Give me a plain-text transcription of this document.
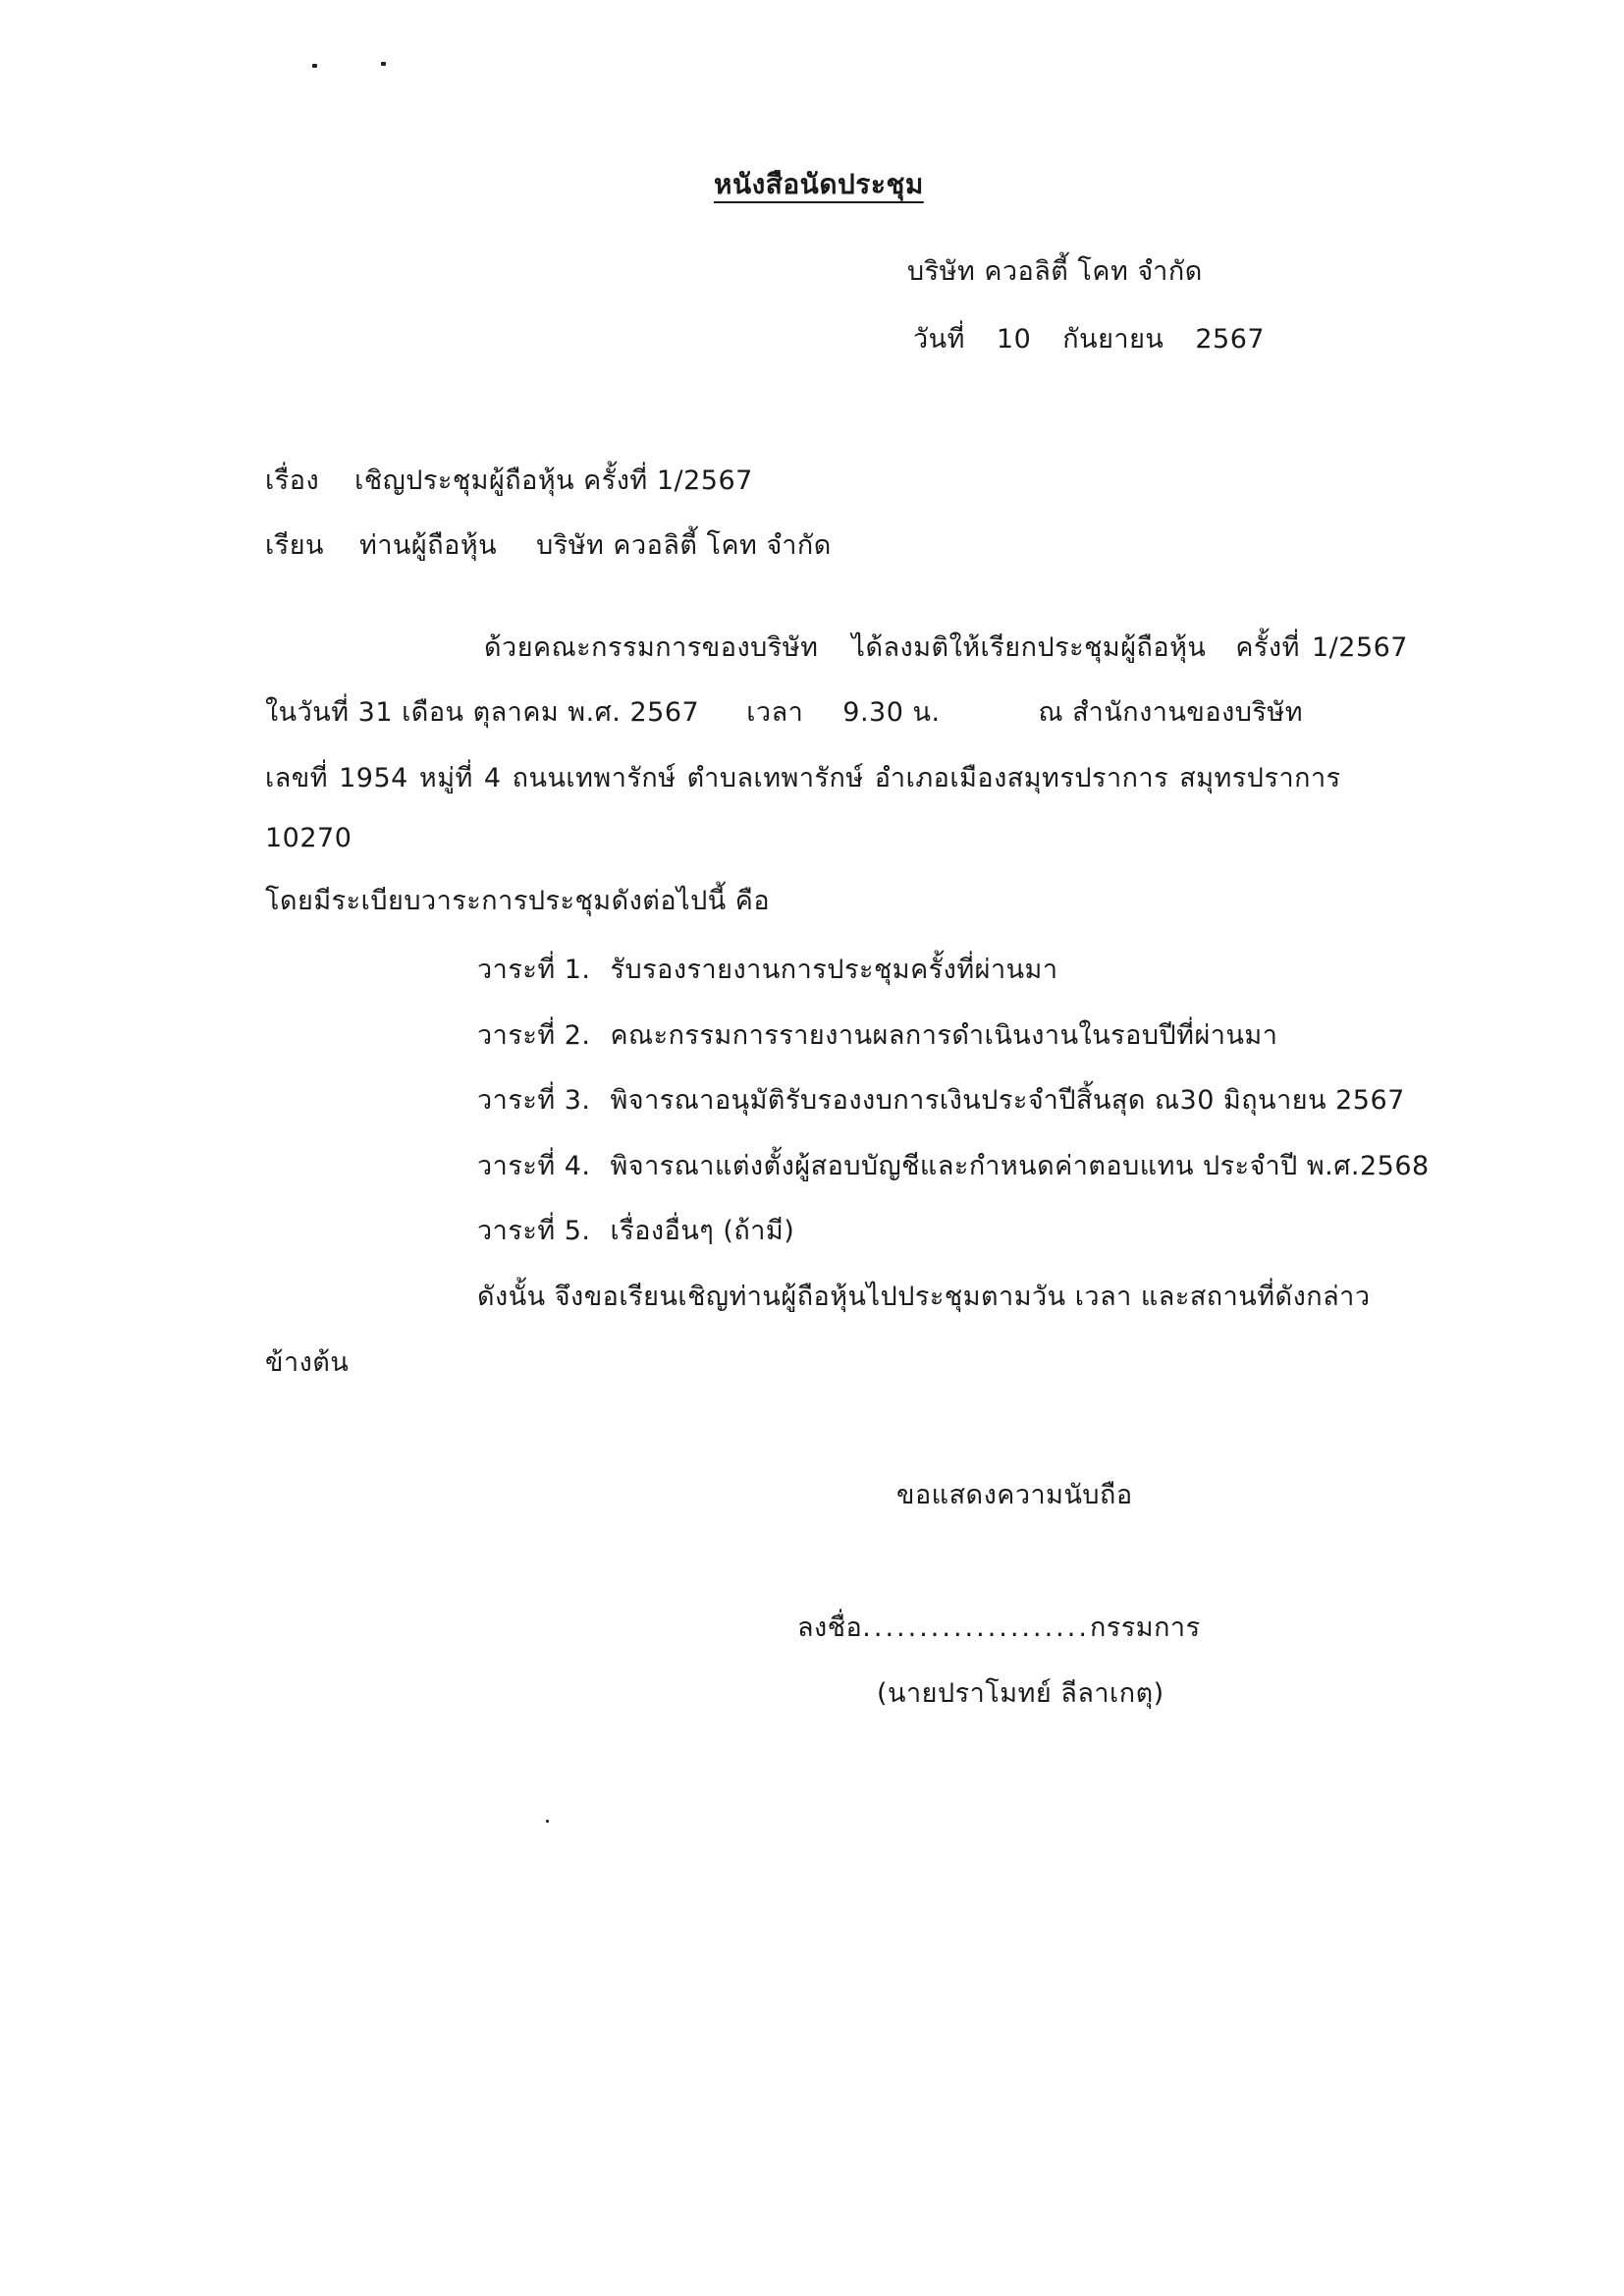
หนังสือนัดประชุม
บริษัท ควอลิตี้ โคท จำกัด
วันที่ 10 กันยายน 2567
เรื่อง เชิญประชุมผู้ถือหุ้น ครั้งที่ 1/2567
เรียน ท่านผู้ถือหุ้น บริษัท ควอลิตี้ โคท จำกัด
ด้วยคณะกรรมการของบริษัท ได้ลงมติให้เรียกประชุมผู้ถือหุ้น ครั้งที่ 1/2567
ในวันที่ 31 เดือน ตุลาคม พ.ศ. 2567 เวลา 9.30 น.	ณ สำนักงานของบริษัท
เลขที่ 1954 หมู่ที่ 4 ถนนเทพารักษ์ ตำบลเทพารักษ์ อำเภอเมืองสมุทรปราการ สมุทรปราการ
10270
โดยมีระเบียบวาระการประชุมดังต่อไปนี้ คือ
วาระที่ 1. รับรองรายงานการประชุมครั้งที่ผ่านมา
วาระที่ 2. คณะกรรมการรายงานผลการดำเนินงานในรอบปีที่ผ่านมา
วาระที่ 3. พิจารณาอนุมัติรับรองงบการเงินประจำปีสิ้นสุด ณ30 มิถุนายน 2567
วาระที่ 4. พิจารณาแต่งตั้งผู้สอบบัญชีและกำหนดค่าตอบแทน ประจำปี พ.ศ.2568
วาระที่ 5. เรื่องอื่นๆ (ถ้ามี)
ดังนั้น จึงขอเรียนเชิญท่านผู้ถือหุ้นไปประชุมตามวัน เวลา และสถานที่ดังกล่าว
ข้างต้น
ขอแสดงความนับถือ
ลงชื่อ....................กรรมการ
(นายปราโมทย์ ลีลาเกตุ)
